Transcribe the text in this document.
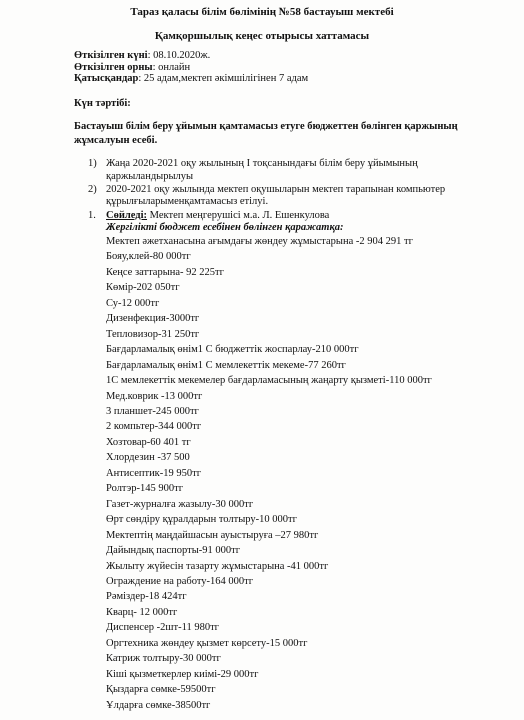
Тараз қаласы білім бөлімінің №58 бастауыш мектебі
Қамқоршылық кеңес отырысы хаттамасы
Өткізілген күні: 08.10.2020ж.
Өткізілген орны: онлайн
Қатысқандар: 25 адам,мектеп әкімшілігінен 7 адам
Күн тәртібі:
Бастауыш білім беру ұйымын қамтамасыз етуге бюджеттен бөлінген қаржының
жұмсалуын есебі.
1) Жаңа 2020-2021 оқу жылының І тоқсанындағы білім беру ұйымының
қаржыландырылуы
2) 2020-2021 оқу жылында мектеп оқушыларын мектеп тарапынан компьютер
құрылғыларыменқамтамасыз етілуі.
1. Сөйледі: Мектеп меңгерушісі м.а. Л. Ешенкулова
Жергілікті бюджет есебінен бөлінген қаражатқа:
Мектеп әжетханасына ағымдағы жөндеу жұмыстарына -2 904 291 тг
Бояу,клей-80 000тг
Кеңсе заттарына- 92 225тг
Көмір-202 050тг
Су-12 000тг
Дизенфекция-3000тг
Тепловизор-31 250тг
Бағдарламалық өнім1 С бюджеттік жоспарлау-210 000тг
Бағдарламалық өнім1 С мемлекеттік мекеме-77 260тг
1С мемлекеттік мекемелер бағдарламасының жаңарту қызметі-110 000тг
Мед.коврик -13 000тг
3 планшет-245 000тг
2 компьтер-344 000тг
Хозтовар-60 401 тг
Хлордезин -37 500
Антисептик-19 950тг
Ролтэр-145 900тг
Газет-журналға жазылу-30 000тг
Өрт сөндіру құралдарын толтыру-10 000тг
Мектептің маңдайшасын ауыстыруға –27 980тг
Дайындық паспорты-91 000тг
Жылыту жүйесін тазарту жұмыстарына -41 000тг
Ограждение на работу-164 000тг
Рәміздер-18 424тг
Кварц- 12 000тг
Диспенсер -2шт-11 980тг
Оргтехника жөндеу қызмет көрсету-15 000тг
Катриж толтыру-30 000тг
Кіші қызметкерлер киімі-29 000тг
Қыздарға сөмке-59500тг
Ұлдарға сөмке-38500тг
